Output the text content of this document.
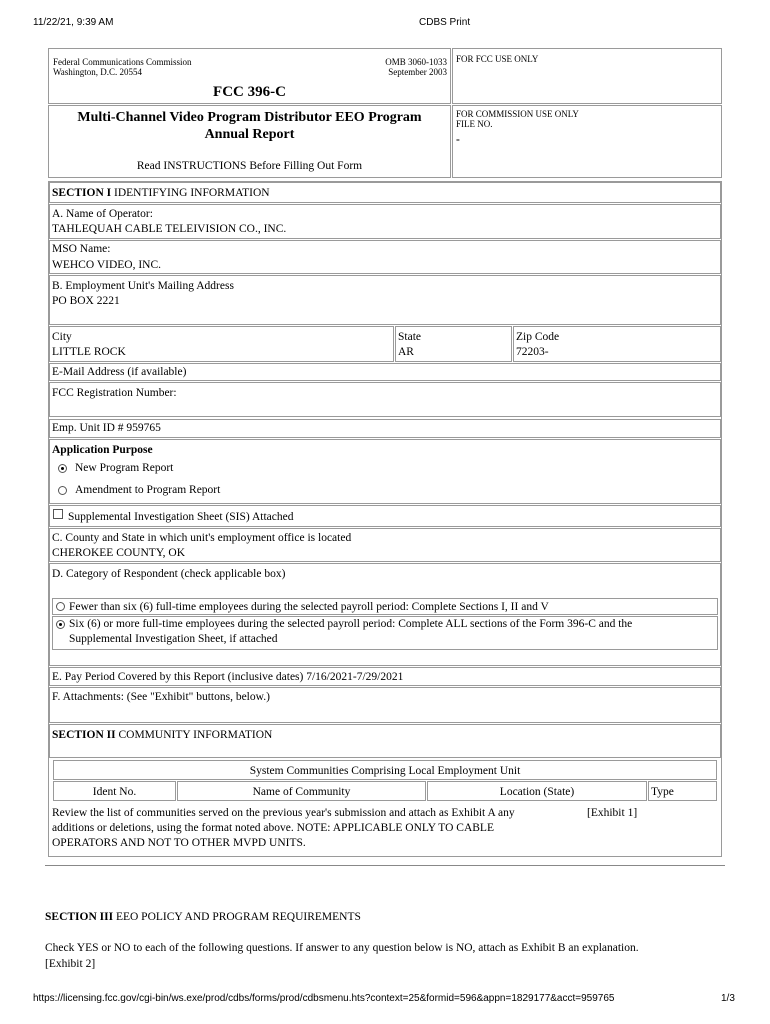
11/22/21, 9:39 AM	CDBS Print
Federal Communications Commission
Washington, D.C. 20554
OMB 3060-1033
September 2003
FCC 396-C
FOR FCC USE ONLY
Multi-Channel Video Program Distributor EEO Program
Annual Report
Read INSTRUCTIONS Before Filling Out Form
FOR COMMISSION USE ONLY
FILE NO.
-
SECTION I IDENTIFYING INFORMATION
A. Name of Operator:
TAHLEQUAH CABLE TELEIVISION CO., INC.
MSO Name:
WEHCO VIDEO, INC.
B. Employment Unit's Mailing Address
PO BOX 2221
City
LITTLE ROCK
State
AR
Zip Code
72203-
E-Mail Address (if available)
FCC Registration Number:
Emp. Unit ID # 959765
Application Purpose
New Program Report
Amendment to Program Report
Supplemental Investigation Sheet (SIS) Attached
C. County and State in which unit's employment office is located
CHEROKEE COUNTY, OK
D. Category of Respondent (check applicable box)
Fewer than six (6) full-time employees during the selected payroll period: Complete Sections I, II and V
Six (6) or more full-time employees during the selected payroll period: Complete ALL sections of the Form 396-C and the
Supplemental Investigation Sheet, if attached
E. Pay Period Covered by this Report (inclusive dates) 7/16/2021-7/29/2021
F. Attachments: (See "Exhibit" buttons, below.)
SECTION II COMMUNITY INFORMATION
System Communities Comprising Local Employment Unit
Ident No.	Name of Community	Location (State)	Type
Review the list of communities served on the previous year's submission and attach as Exhibit A any
additions or deletions, using the format noted above. NOTE: APPLICABLE ONLY TO CABLE
OPERATORS AND NOT TO OTHER MVPD UNITS.
[Exhibit 1]
SECTION III EEO POLICY AND PROGRAM REQUIREMENTS
Check YES or NO to each of the following questions. If answer to any question below is NO, attach as Exhibit B an explanation.
[Exhibit 2]
https://licensing.fcc.gov/cgi-bin/ws.exe/prod/cdbs/forms/prod/cdbsmenu.hts?context=25&formid=596&appn=1829177&acct=959765	1/3
